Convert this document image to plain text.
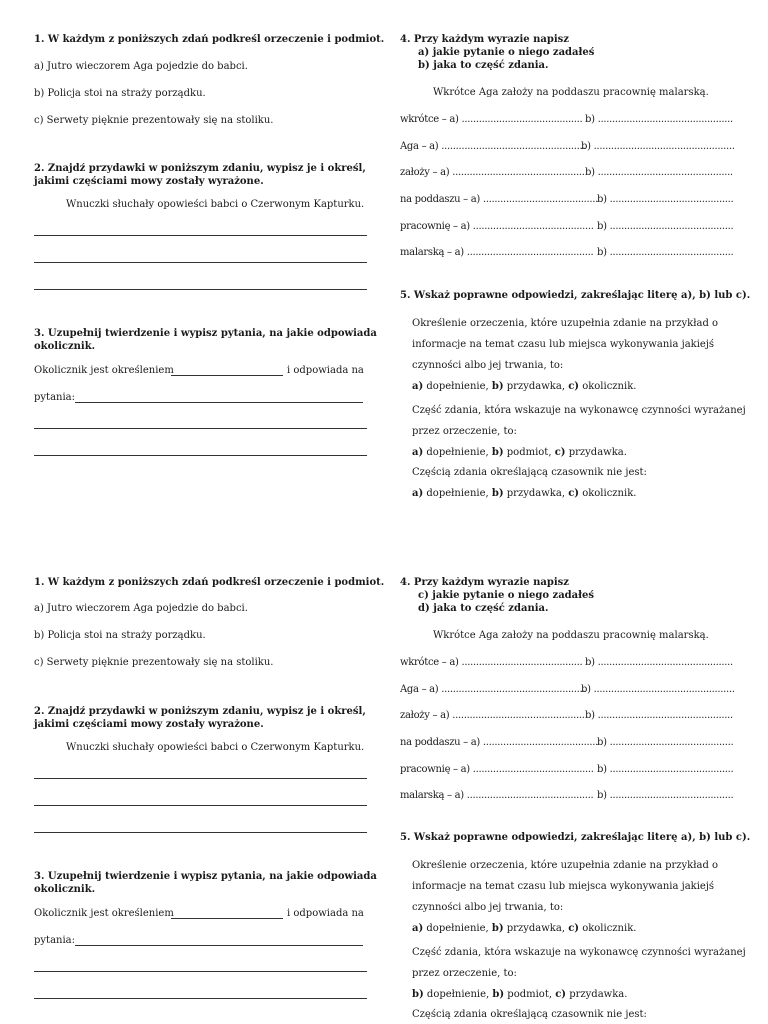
1. W każdym z poniższych zdań podkreśl orzeczenie i podmiot.
a) Jutro wieczorem Aga pojedzie do babci.
b) Policja stoi na straży porządku.
c) Serwety pięknie prezentowały się na stoliku.
2. Znajdź przydawki w poniższym zdaniu, wypisz je i określ,
jakimi częściami mowy zostały wyrażone.
Wnuczki słuchały opowieści babci o Czerwonym Kapturku.
3. Uzupełnij twierdzenie i wypisz pytania, na jakie odpowiada
okolicznik.
Okolicznik jest określeniem	i odpowiada na
pytania:
4. Przy każdym wyrazie napisz
a) jakie pytanie o niego zadałeś
b) jaka to część zdania.
Wkrótce Aga założy na poddaszu pracownię malarską.
wkrótce – a) .......................................... b) ...............................................
Aga – a) ..................................................
b) .................................................
założy – a) .............................................. b) ...............................................
na poddaszu – a) ........................................
b) ...........................................
pracownię – a) .......................................... b) ...........................................
malarską – a) ............................................ b) ...........................................
5. Wskaż poprawne odpowiedzi, zakreślając literę a), b) lub c).
Określenie orzeczenia, które uzupełnia zdanie na przykład o
informacje na temat czasu lub miejsca wykonywania jakiejś
czynności albo jej trwania, to:
a) dopełnienie, b) przydawka, c) okolicznik.
Część zdania, która wskazuje na wykonawcę czynności wyrażanej
przez orzeczenie, to:
a) dopełnienie, b) podmiot, c) przydawka.
Częścią zdania określającą czasownik nie jest:
a) dopełnienie, b) przydawka, c) okolicznik.
1. W każdym z poniższych zdań podkreśl orzeczenie i podmiot.
a) Jutro wieczorem Aga pojedzie do babci.
b) Policja stoi na straży porządku.
c) Serwety pięknie prezentowały się na stoliku.
2. Znajdź przydawki w poniższym zdaniu, wypisz je i określ,
jakimi częściami mowy zostały wyrażone.
Wnuczki słuchały opowieści babci o Czerwonym Kapturku.
3. Uzupełnij twierdzenie i wypisz pytania, na jakie odpowiada
okolicznik.
Okolicznik jest określeniem	i odpowiada na
pytania:
4. Przy każdym wyrazie napisz
c) jakie pytanie o niego zadałeś
d) jaka to część zdania.
Wkrótce Aga założy na poddaszu pracownię malarską.
wkrótce – a) .......................................... b) ...............................................
Aga – a) ..................................................
b) .................................................
założy – a) .............................................. b) ...............................................
na poddaszu – a) ........................................
b) ...........................................
pracownię – a) .......................................... b) ...........................................
malarską – a) ............................................ b) ...........................................
5. Wskaż poprawne odpowiedzi, zakreślając literę a), b) lub c).
Określenie orzeczenia, które uzupełnia zdanie na przykład o
informacje na temat czasu lub miejsca wykonywania jakiejś
czynności albo jej trwania, to:
a) dopełnienie, b) przydawka, c) okolicznik.
Część zdania, która wskazuje na wykonawcę czynności wyrażanej
przez orzeczenie, to:
b) dopełnienie, b) podmiot, c) przydawka.
Częścią zdania określającą czasownik nie jest:
